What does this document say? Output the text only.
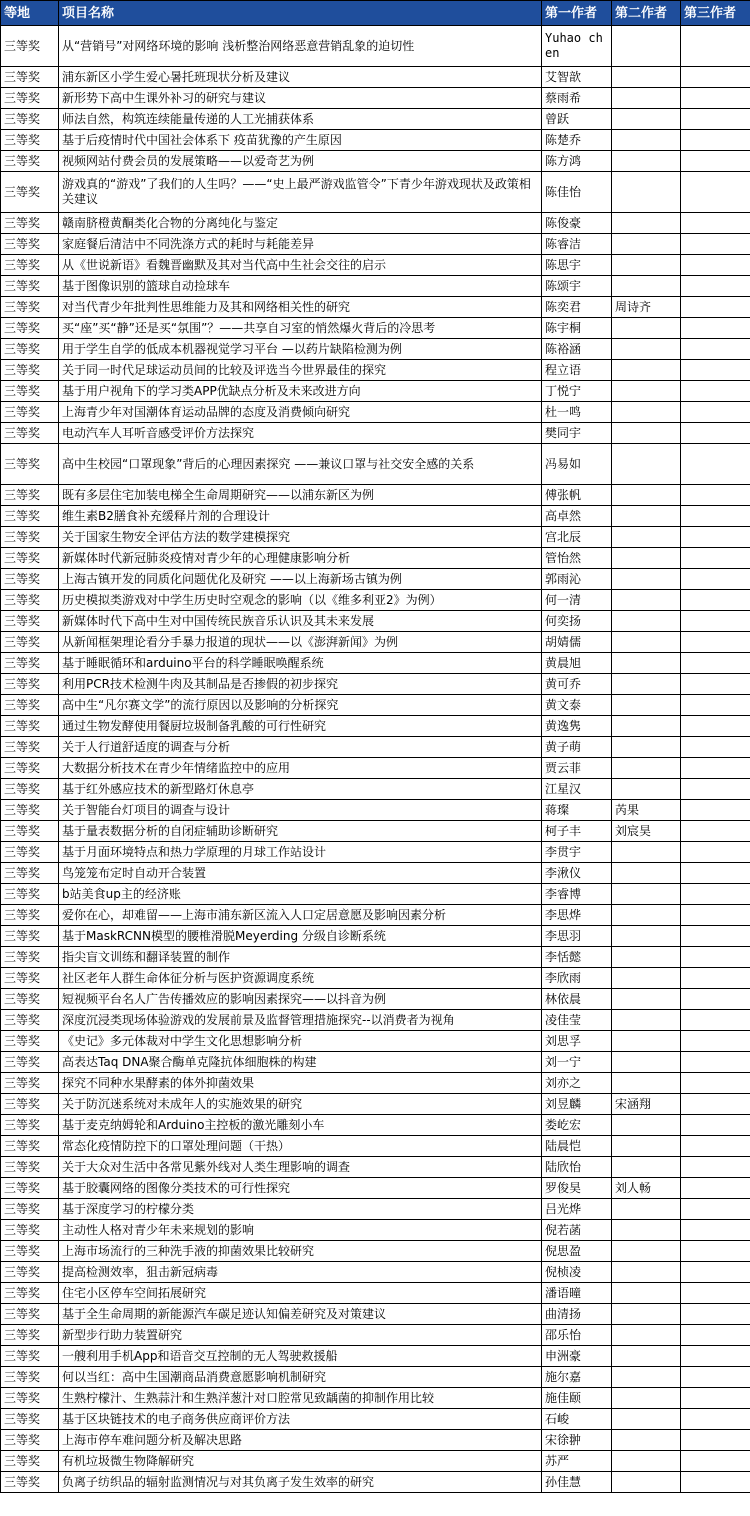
等地	项目名称	第一作者	第二作者	第三作者
三等奖	从“营销号”对网络环境的影响 浅析整治网络恶意营销乱象的迫切性	Yuhao chen		
三等奖	浦东新区小学生爱心暑托班现状分析及建议	艾智歆		
三等奖	新形势下高中生课外补习的研究与建议	蔡雨希		
三等奖	师法自然，构筑连续能量传递的人工光捕获体系	曾跃		
三等奖	基于后疫情时代中国社会体系下 疫苗犹豫的产生原因	陈楚乔		
三等奖	视频网站付费会员的发展策略——以爱奇艺为例	陈方鸿		
三等奖	游戏真的“游戏”了我们的人生吗？——“史上最严游戏监管令”下青少年游戏现状及政策相关建议	陈佳怡		
三等奖	赣南脐橙黄酮类化合物的分离纯化与鉴定	陈俊豪		
三等奖	家庭餐后清洁中不同洗涤方式的耗时与耗能差异	陈睿洁		
三等奖	从《世说新语》看魏晋幽默及其对当代高中生社会交往的启示	陈思宇		
三等奖	基于图像识别的篮球自动捡球车	陈颂宇		
三等奖	对当代青少年批判性思维能力及其和网络相关性的研究	陈奕君	周诗齐	
三等奖	买“座”买“静”还是买“氛围”？——共享自习室的悄然爆火背后的冷思考	陈宇桐		
三等奖	用于学生自学的低成本机器视觉学习平台 —以药片缺陷检测为例	陈裕涵		
三等奖	关于同一时代足球运动员间的比较及评选当今世界最佳的探究	程立语		
三等奖	基于用户视角下的学习类APP优缺点分析及未来改进方向	丁悦宁		
三等奖	上海青少年对国潮体育运动品牌的态度及消费倾向研究	杜一鸣		
三等奖	电动汽车人耳听音感受评价方法探究	樊同宇		
三等奖	高中生校园“口罩现象”背后的心理因素探究 ——兼议口罩与社交安全感的关系	冯易如		
三等奖	既有多层住宅加装电梯全生命周期研究——以浦东新区为例	傅张帆		
三等奖	维生素B2膳食补充缓释片剂的合理设计	高卓然		
三等奖	关于国家生物安全评估方法的数学建模探究	宫北辰		
三等奖	新媒体时代新冠肺炎疫情对青少年的心理健康影响分析	管怡然		
三等奖	上海古镇开发的同质化问题优化及研究 ——以上海新场古镇为例	郭雨沁		
三等奖	历史模拟类游戏对中学生历史时空观念的影响（以《维多利亚2》为例）	何一清		
三等奖	新媒体时代下高中生对中国传统民族音乐认识及其未来发展	何奕扬		
三等奖	从新闻框架理论看分手暴力报道的现状——以《澎湃新闻》为例	胡婧儒		
三等奖	基于睡眠循环和arduino平台的科学睡眠唤醒系统	黄晨旭		
三等奖	利用PCR技术检测牛肉及其制品是否掺假的初步探究	黄可乔		
三等奖	高中生“凡尔赛文学”的流行原因以及影响的分析探究	黄文泰		
三等奖	通过生物发酵使用餐厨垃圾制备乳酸的可行性研究	黄逸隽		
三等奖	关于人行道舒适度的调查与分析	黄子萌		
三等奖	大数据分析技术在青少年情绪监控中的应用	贾云菲		
三等奖	基于红外感应技术的新型路灯休息亭	江星汉		
三等奖	关于智能台灯项目的调查与设计	蒋璨	芮果	
三等奖	基于量表数据分析的自闭症辅助诊断研究	柯子丰	刘宸昊	
三等奖	基于月面环境特点和热力学原理的月球工作站设计	李贯宇		
三等奖	鸟笼笼布定时自动开合装置	李湫仪		
三等奖	b站美食up主的经济账	李睿博		
三等奖	爱你在心，却难留——上海市浦东新区流入人口定居意愿及影响因素分析	李思烨		
三等奖	基于MaskRCNN模型的腰椎滑脱Meyerding 分级自诊断系统	李思羽		
三等奖	指尖盲文训练和翻译装置的制作	李恬懿		
三等奖	社区老年人群生命体征分析与医护资源调度系统	李欣雨		
三等奖	短视频平台名人广告传播效应的影响因素探究——以抖音为例	林依晨		
三等奖	深度沉浸类现场体验游戏的发展前景及监督管理措施探究--以消费者为视角	凌佳莹		
三等奖	《史记》多元体裁对中学生文化思想影响分析	刘思孚		
三等奖	高表达Taq DNA聚合酶单克隆抗体细胞株的构建	刘一宁		
三等奖	探究不同种水果酵素的体外抑菌效果	刘亦之		
三等奖	关于防沉迷系统对未成年人的实施效果的研究	刘昱麟	宋涵翔	
三等奖	基于麦克纳姆轮和Arduino主控板的激光雕刻小车	娄屹宏		
三等奖	常态化疫情防控下的口罩处理问题（干热）	陆晨恺		
三等奖	关于大众对生活中各常见紫外线对人类生理影响的调查	陆欣怡		
三等奖	基于胶囊网络的图像分类技术的可行性探究	罗俊昊	刘人畅	
三等奖	基于深度学习的柠檬分类	吕光烨		
三等奖	主动性人格对青少年未来规划的影响	倪若菡		
三等奖	上海市场流行的三种洗手液的抑菌效果比较研究	倪思盈		
三等奖	提高检测效率，狙击新冠病毒	倪桢凌		
三等奖	住宅小区停车空间拓展研究	潘语曈		
三等奖	基于全生命周期的新能源汽车碳足迹认知偏差研究及对策建议	曲清扬		
三等奖	新型步行助力装置研究	邵乐怡		
三等奖	一艘利用手机App和语音交互控制的无人驾驶救援船	申洲豪		
三等奖	何以当红：高中生国潮商品消费意愿影响机制研究	施尔嘉		
三等奖	生熟柠檬汁、生熟蒜汁和生熟洋葱汁对口腔常见致龋菌的抑制作用比较	施佳颐		
三等奖	基于区块链技术的电子商务供应商评价方法	石峻		
三等奖	上海市停车难问题分析及解决思路	宋徐翀		
三等奖	有机垃圾微生物降解研究	苏严		
三等奖	负离子纺织品的辐射监测情况与对其负离子发生效率的研究	孙佳慧		
